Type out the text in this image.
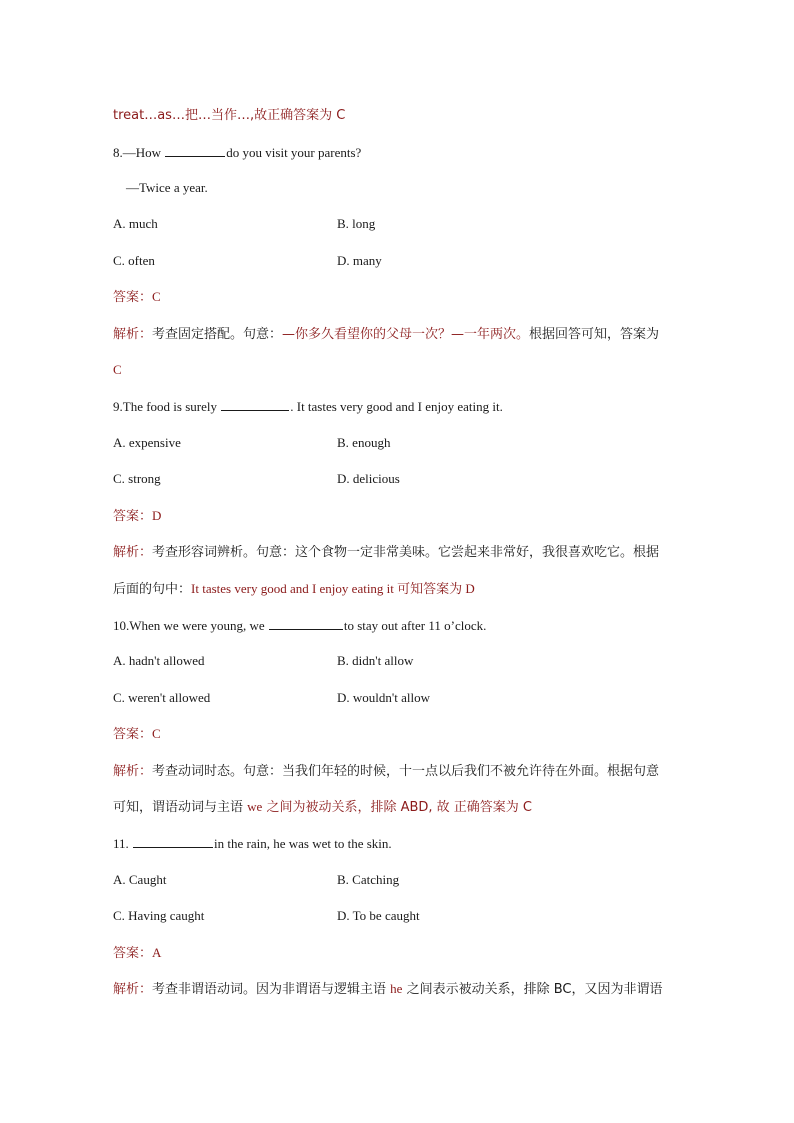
treat…as…把…当作…,故正确答案为 C
8.—How	do you visit your parents?
—Twice a year.
A. much	B. long
C. often	D. many
答案：C
解析：考查固定搭配。句意：—你多久看望你的父母一次？—一年两次。根据回答可知，答案为
C
9.The food is surely	. It tastes very good and I enjoy eating it.
A. expensive	B. enough
C. strong	D. delicious
答案：D
解析：考查形容词辨析。句意：这个食物一定非常美味。它尝起来非常好，我很喜欢吃它。根据
后面的句中：It tastes very good and I enjoy eating it 可知答案为 D
10.When we were young, we	to stay out after 11 o’clock.
A. hadn't allowed	B. didn't allow
C. weren't allowed	D. wouldn't allow
答案：C
解析：考查动词时态。句意：当我们年轻的时候，十一点以后我们不被允许待在外面。根据句意
可知，谓语动词与主语 we 之间为被动关系，排除 ABD, 故 正确答案为 C
11.	in the rain, he was wet to the skin.
A. Caught	B. Catching
C. Having caught	D. To be caught
答案：A
解析：考查非谓语动词。因为非谓语与逻辑主语 he 之间表示被动关系，排除 BC，又因为非谓语
